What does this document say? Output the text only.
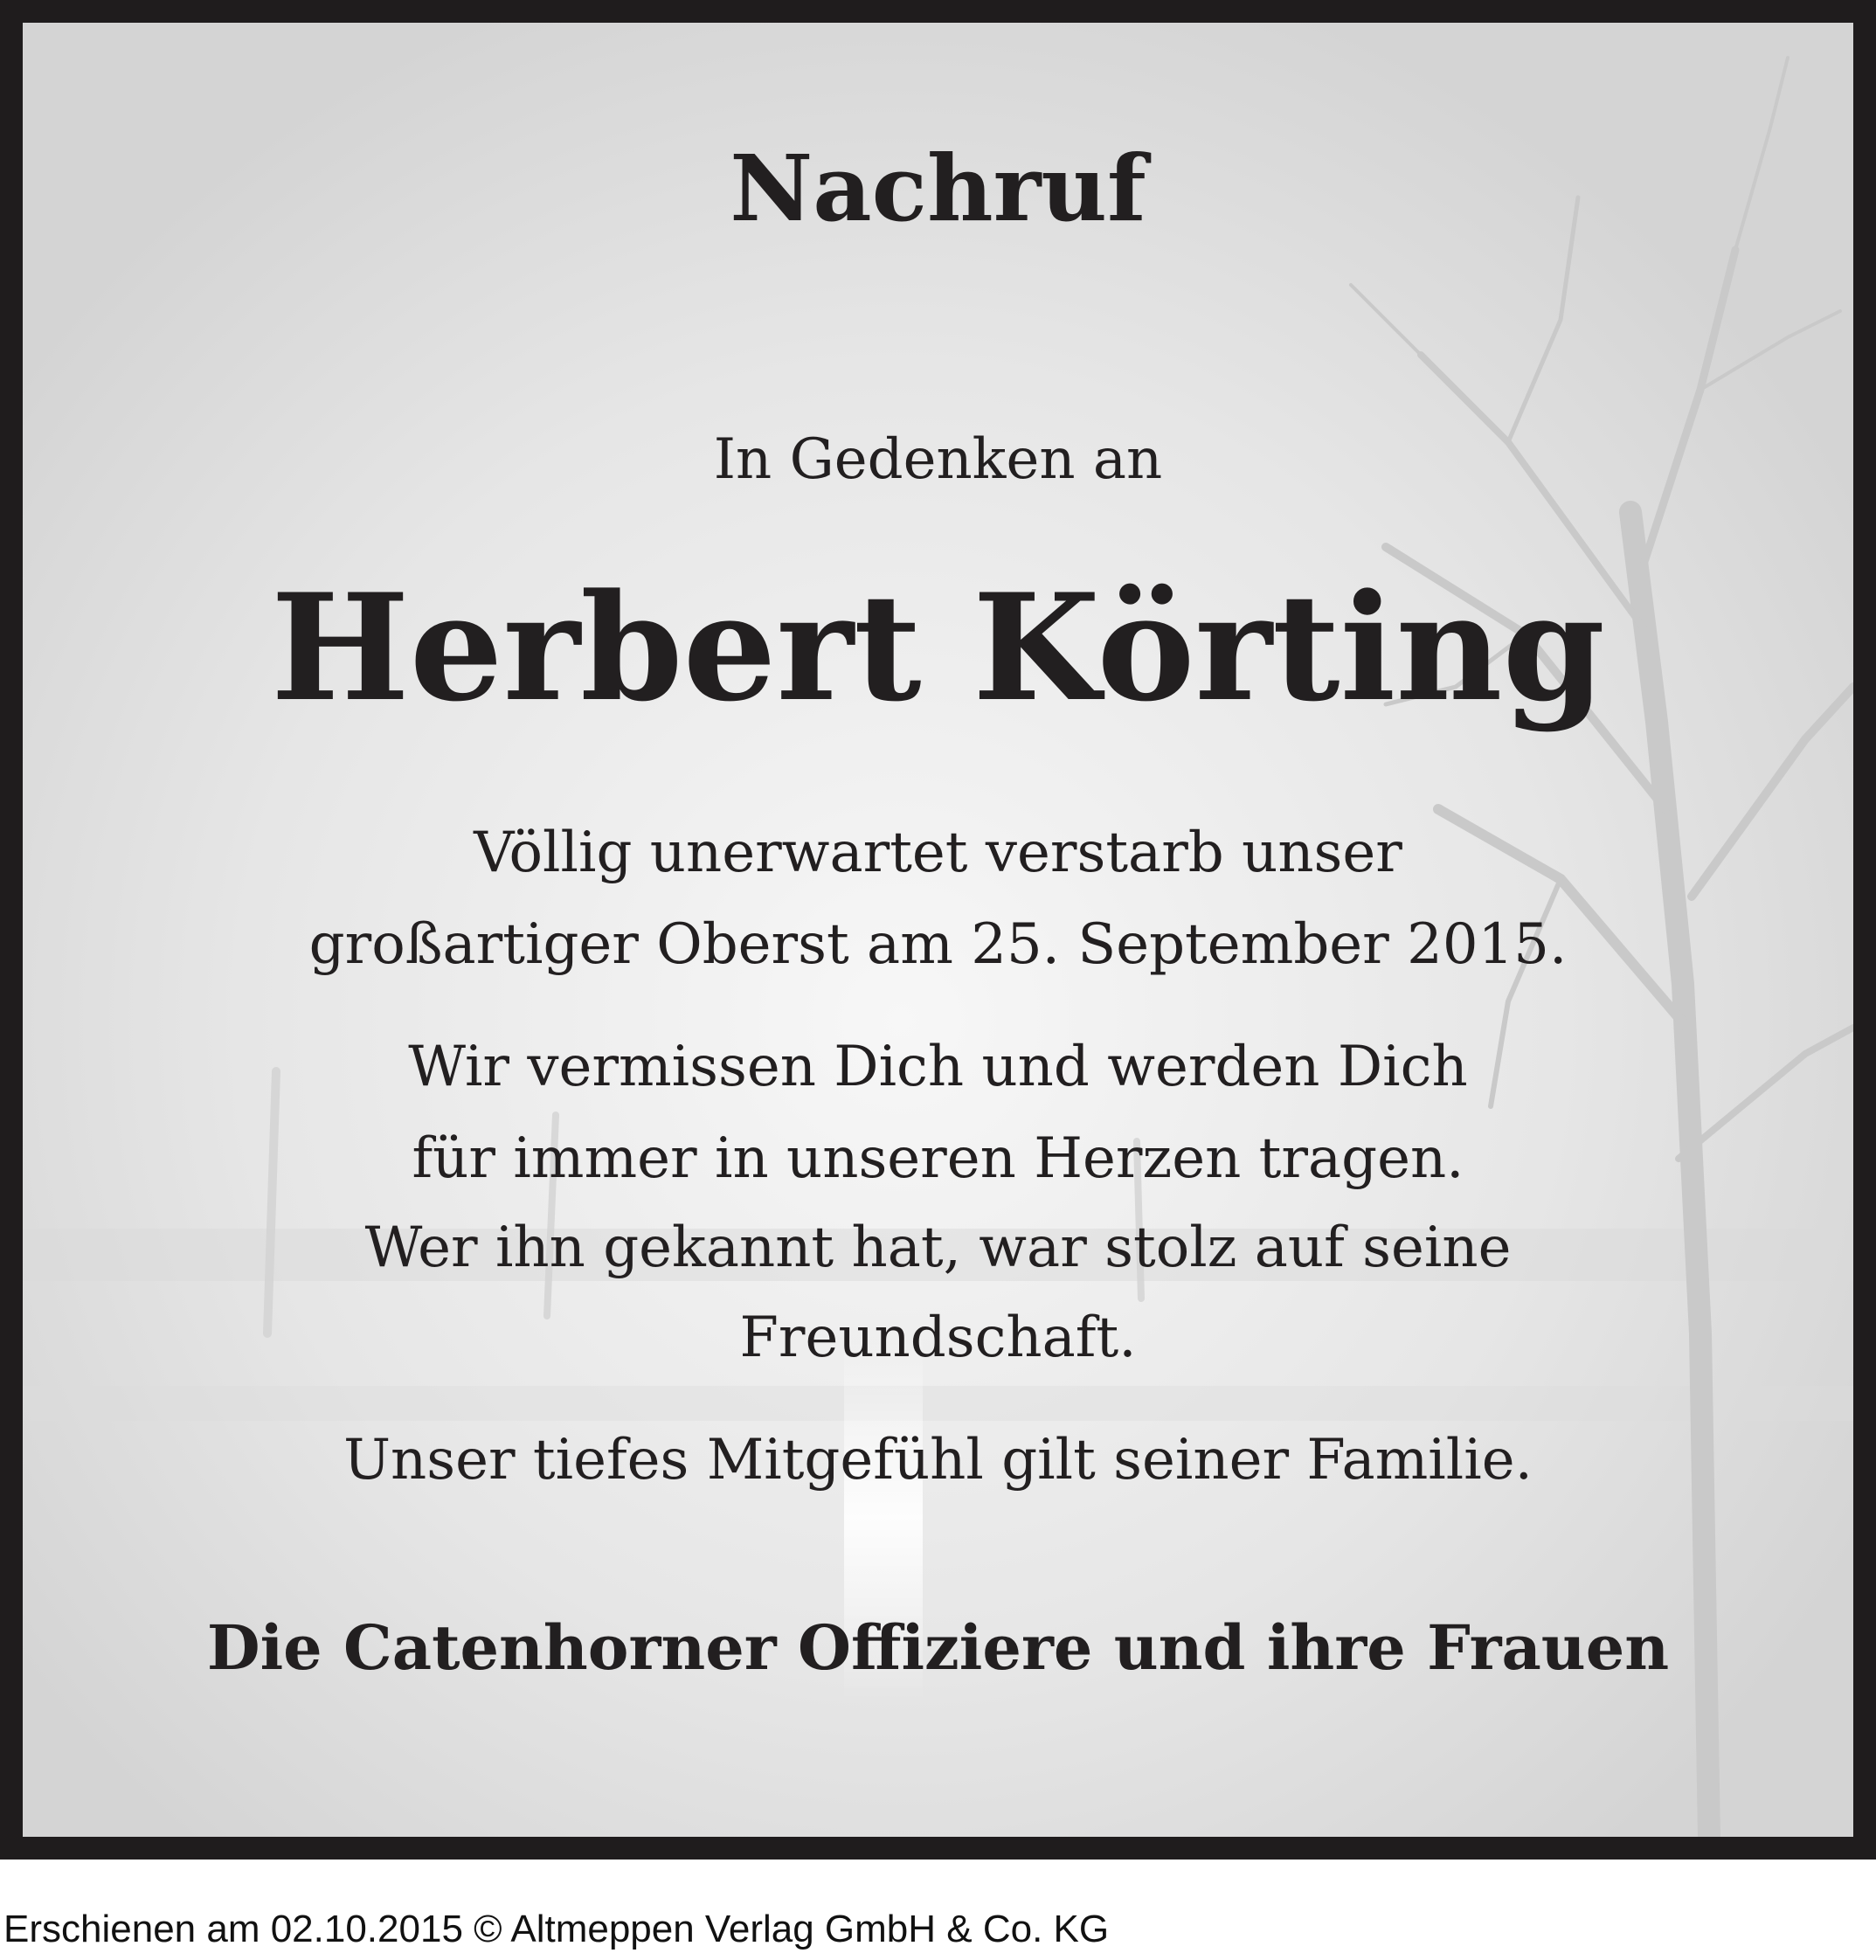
Nachruf
In Gedenken an
Herbert Körting
Völlig unerwartet verstarb unser
großartiger Oberst am 25. September 2015.
Wir vermissen Dich und werden Dich
für immer in unseren Herzen tragen.
Wer ihn gekannt hat, war stolz auf seine
Freundschaft.
Unser tiefes Mitgefühl gilt seiner Familie.
Die Catenhorner Offiziere und ihre Frauen
Erschienen am 02.10.2015 © Altmeppen Verlag GmbH & Co. KG
